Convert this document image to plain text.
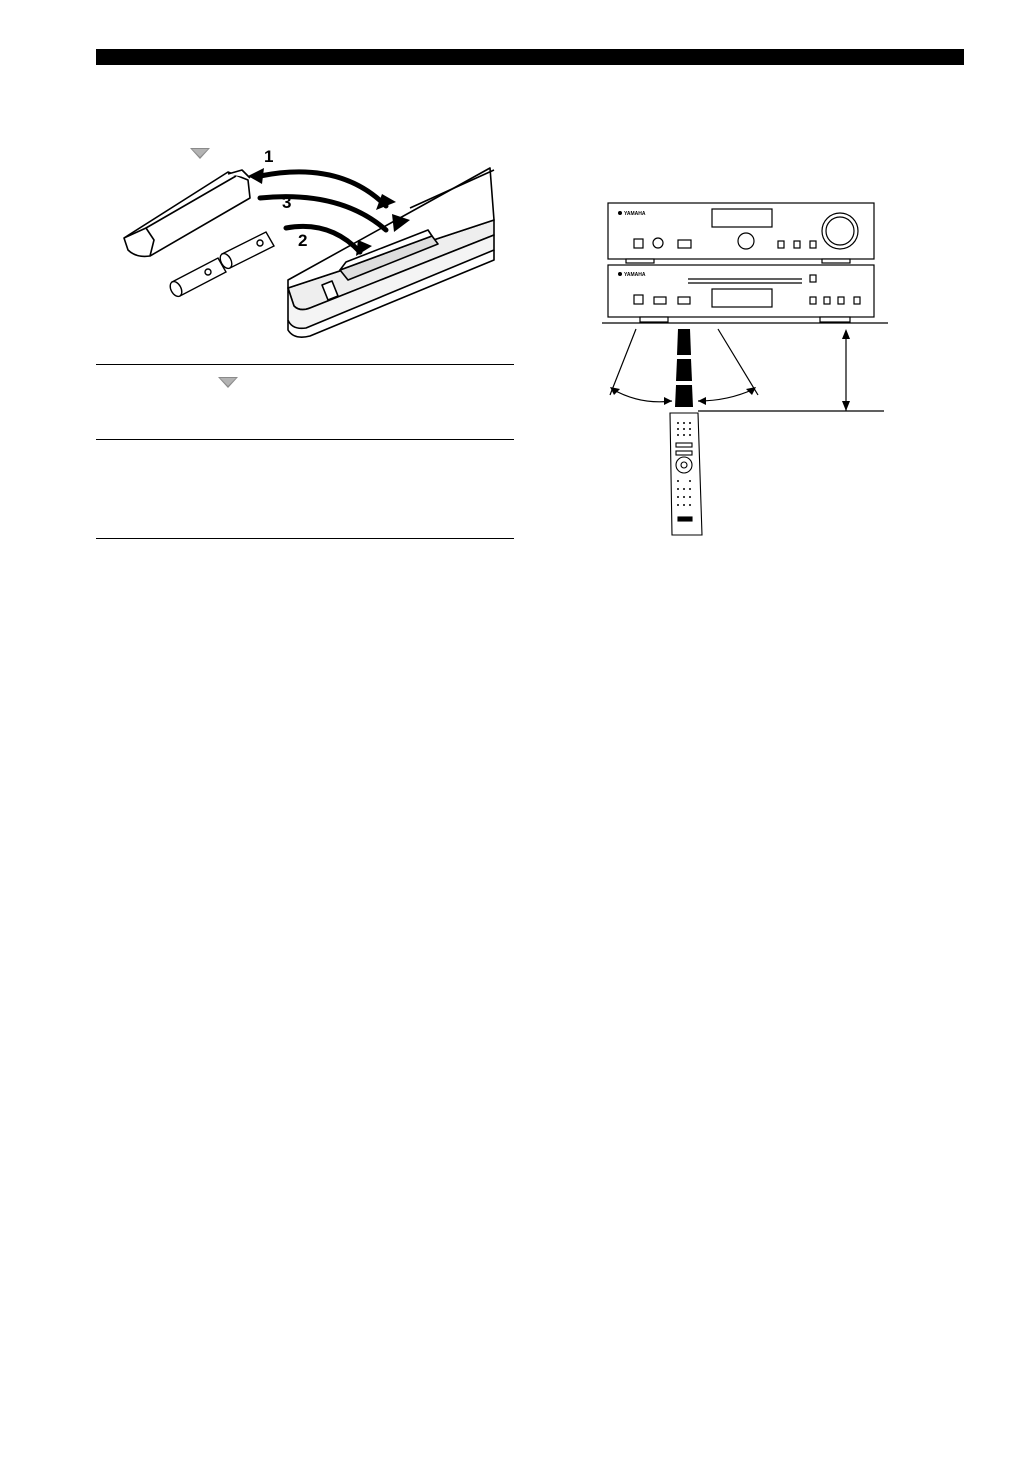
1
3
2
YAMAHA
YAMAHA
